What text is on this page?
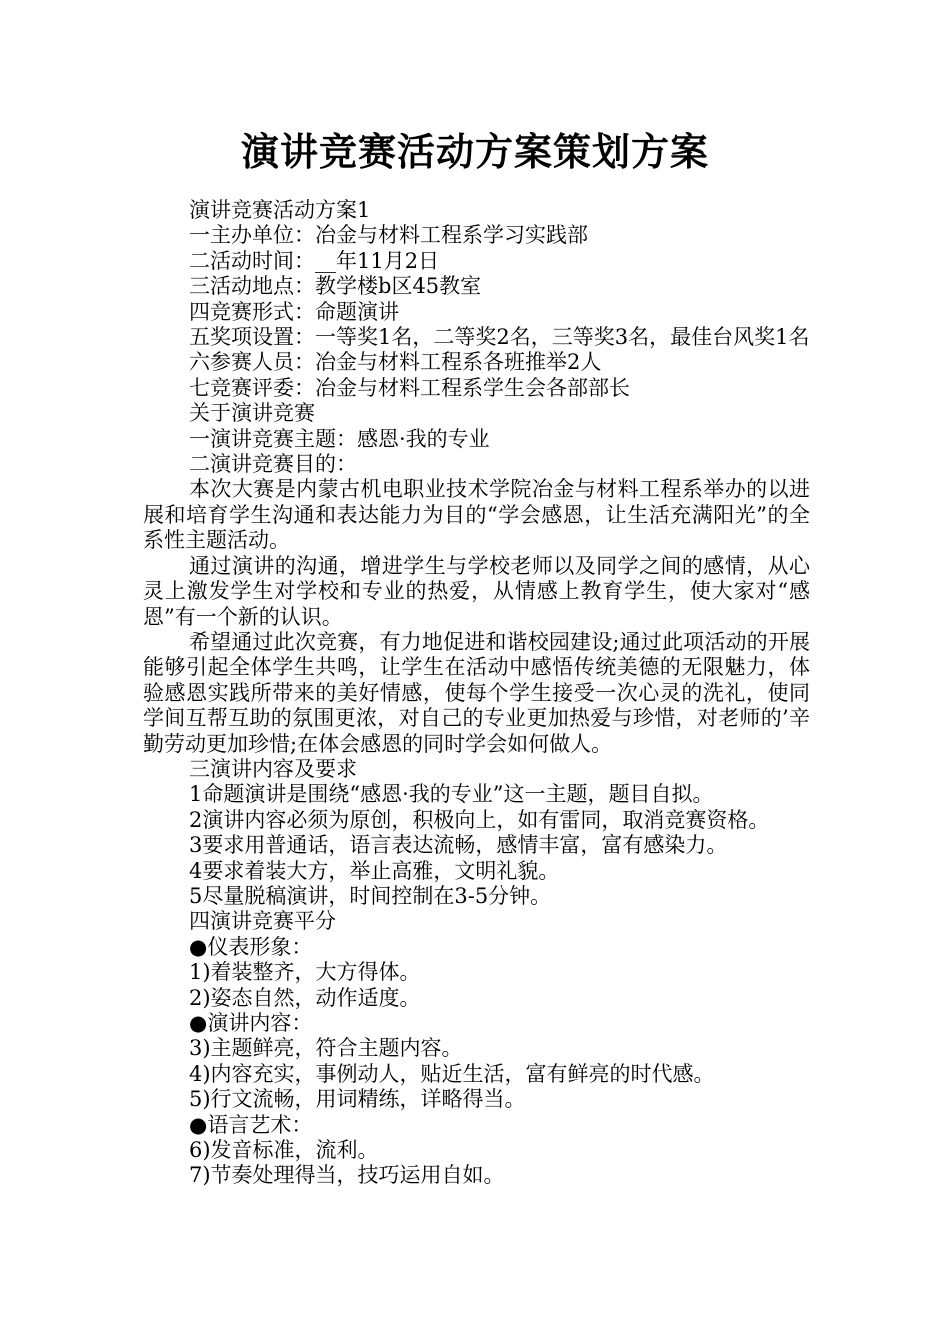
演讲竞赛活动方案策划方案

演讲竞赛活动方案1

一主办单位：冶金与材料工程系学习实践部

二活动时间：__年11月2日

三活动地点：教学楼b区45教室

四竞赛形式：命题演讲

五奖项设置：一等奖1名，二等奖2名，三等奖3名，最佳台风奖1名

六参赛人员：冶金与材料工程系各班推举2人

七竞赛评委：冶金与材料工程系学生会各部部长

关于演讲竞赛

一演讲竞赛主题：感恩·我的专业

二演讲竞赛目的：

本次大赛是内蒙古机电职业技术学院冶金与材料工程系举办的以进展和培育学生沟通和表达能力为目的“学会感恩，让生活充满阳光”的全系性主题活动。

通过演讲的沟通，增进学生与学校老师以及同学之间的感情，从心灵上激发学生对学校和专业的热爱，从情感上教育学生，使大家对“感恩”有一个新的认识。

希望通过此次竞赛，有力地促进和谐校园建设;通过此项活动的开展能够引起全体学生共鸣，让学生在活动中感悟传统美德的无限魅力，体验感恩实践所带来的美好情感，使每个学生接受一次心灵的洗礼，使同学间互帮互助的氛围更浓，对自己的专业更加热爱与珍惜，对老师的’辛勤劳动更加珍惜;在体会感恩的同时学会如何做人。

三演讲内容及要求

1命题演讲是围绕“感恩·我的专业”这一主题，题目自拟。

2演讲内容必须为原创，积极向上，如有雷同，取消竞赛资格。

3要求用普通话，语言表达流畅，感情丰富，富有感染力。

4要求着装大方，举止高雅，文明礼貌。

5尽量脱稿演讲，时间控制在3-5分钟。

四演讲竞赛平分

●仪表形象：

1)着装整齐，大方得体。

2)姿态自然，动作适度。

●演讲内容：

3)主题鲜亮，符合主题内容。

4)内容充实，事例动人，贴近生活，富有鲜亮的时代感。

5)行文流畅，用词精练，详略得当。

●语言艺术：

6)发音标准，流利。

7)节奏处理得当，技巧运用自如。
